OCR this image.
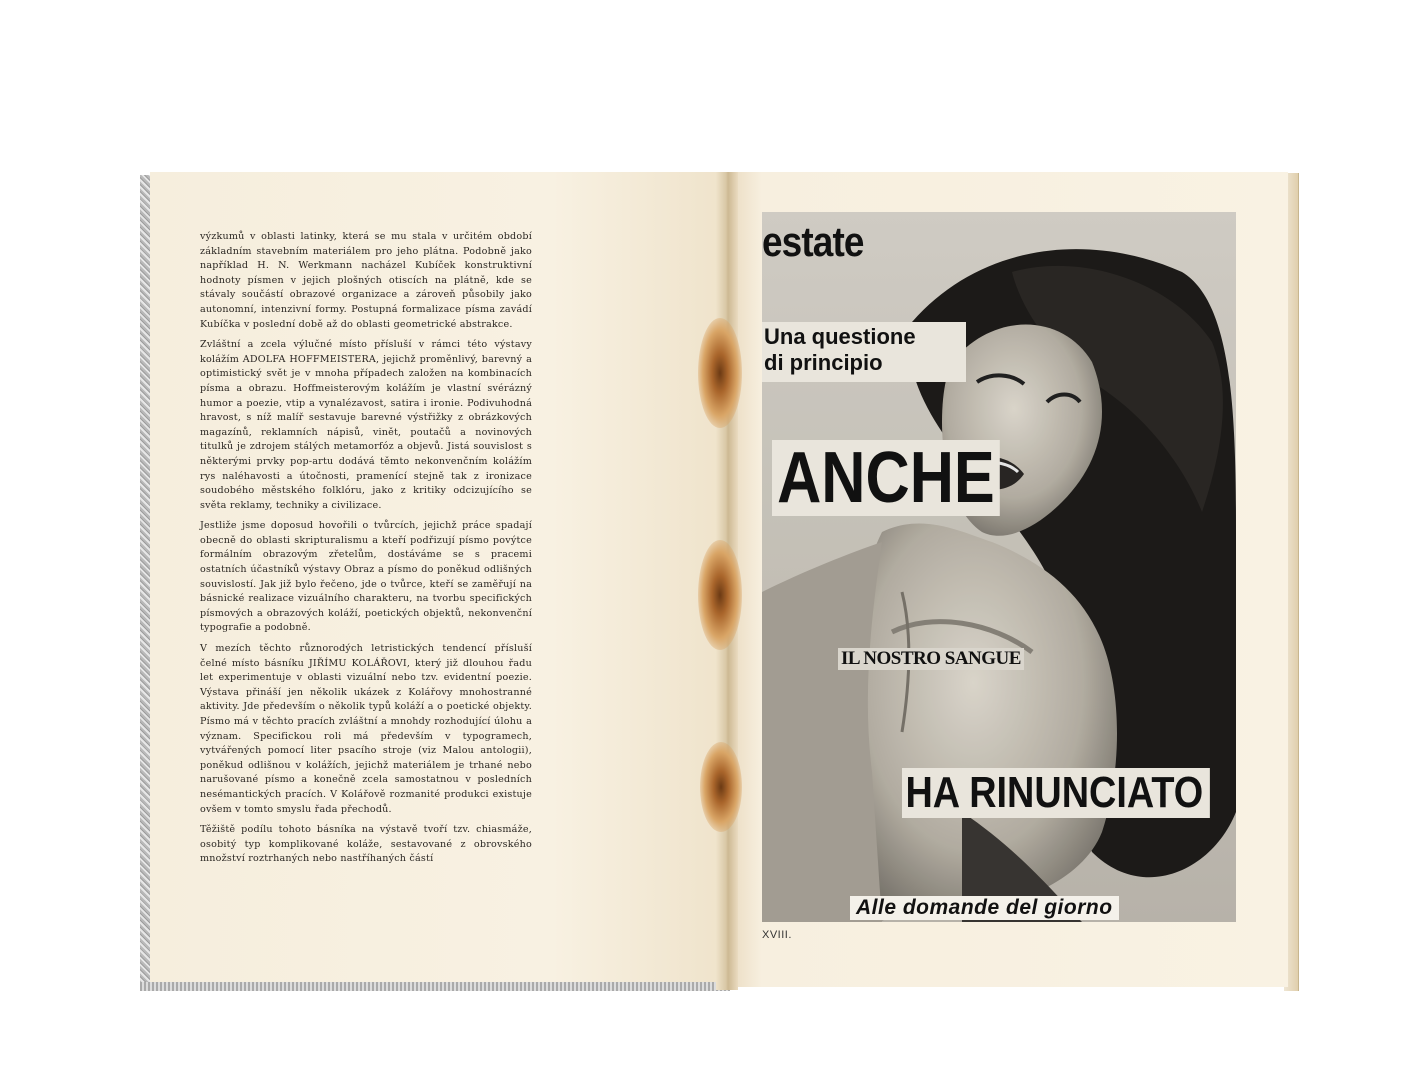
výzkumů v oblasti latinky, která se mu stala v určitém období základním stavebním materiálem pro jeho plátna. Podobně jako například H. N. Werkmann nacházel Kubíček konstruktivní hodnoty písmen v jejich plošných otiscích na plátně, kde se stávaly součástí obrazové organizace a zároveň působily jako autonomní, intenzivní formy. Postupná formalizace písma zavádí Kubíčka v poslední době až do oblasti geometrické abstrakce.

Zvláštní a zcela výlučné místo přísluší v rámci této výstavy kolážím ADOLFA HOFFMEISTERA, jejichž proměnlivý, barevný a optimistický svět je v mnoha případech založen na kombinacích písma a obrazu. Hoffmeisterovým kolážím je vlastní svérázný humor a poezie, vtip a vynalézavost, satira i ironie. Podivuhodná hravost, s níž malíř sestavuje barevné výstřižky z obrázkových magazínů, reklamních nápisů, vinět, poutačů a novinových titulků je zdrojem stálých metamorfóz a objevů. Jistá souvislost s některými prvky pop-artu dodává těmto nekonvenčním kolážím rys naléhavosti a útočnosti, pramenící stejně tak z ironizace soudobého městského folklóru, jako z kritiky odcizujícího se světa reklamy, techniky a civilizace.

Jestliže jsme doposud hovořili o tvůrcích, jejichž práce spadají obecně do oblasti skripturalismu a kteří podřizují písmo povýtce formálním obrazovým zřetelům, dostáváme se s pracemi ostatních účastníků výstavy Obraz a písmo do poněkud odlišných souvislostí. Jak již bylo řečeno, jde o tvůrce, kteří se zaměřují na básnické realizace vizuálního charakteru, na tvorbu specifických písmových a obrazových koláží, poetických objektů, nekonvenční typografie a podobně.

V mezích těchto různorodých letristických tendencí přísluší čelné místo básníku JIŘÍMU KOLÁŘOVI, který již dlouhou řadu let experimentuje v oblasti vizuální nebo tzv. evidentní poezie. Výstava přináší jen několik ukázek z Kolářovy mnohostranné aktivity. Jde především o několik typů koláží a o poetické objekty. Písmo má v těchto pracích zvláštní a mnohdy rozhodující úlohu a význam. Specifickou roli má především v typogramech, vytvářených pomocí liter psacího stroje (viz Malou antologii), poněkud odlišnou v kolážích, jejichž materiálem je trhané nebo narušované písmo a konečně zcela samostatnou v posledních nesémantických pracích. V Kolářově rozmanité produkci existuje ovšem v tomto smyslu řada přechodů.

Těžiště podílu tohoto básníka na výstavě tvoří tzv. chiasmáže, osobitý typ komplikované koláže, sestavované z obrovského množství roztrhaných nebo nastříhaných částí

estate
Una questione
di principio
ANCHE
IL NOSTRO SANGUE
HA RINUNCIATO
Alle domande del giorno
XVIII.
